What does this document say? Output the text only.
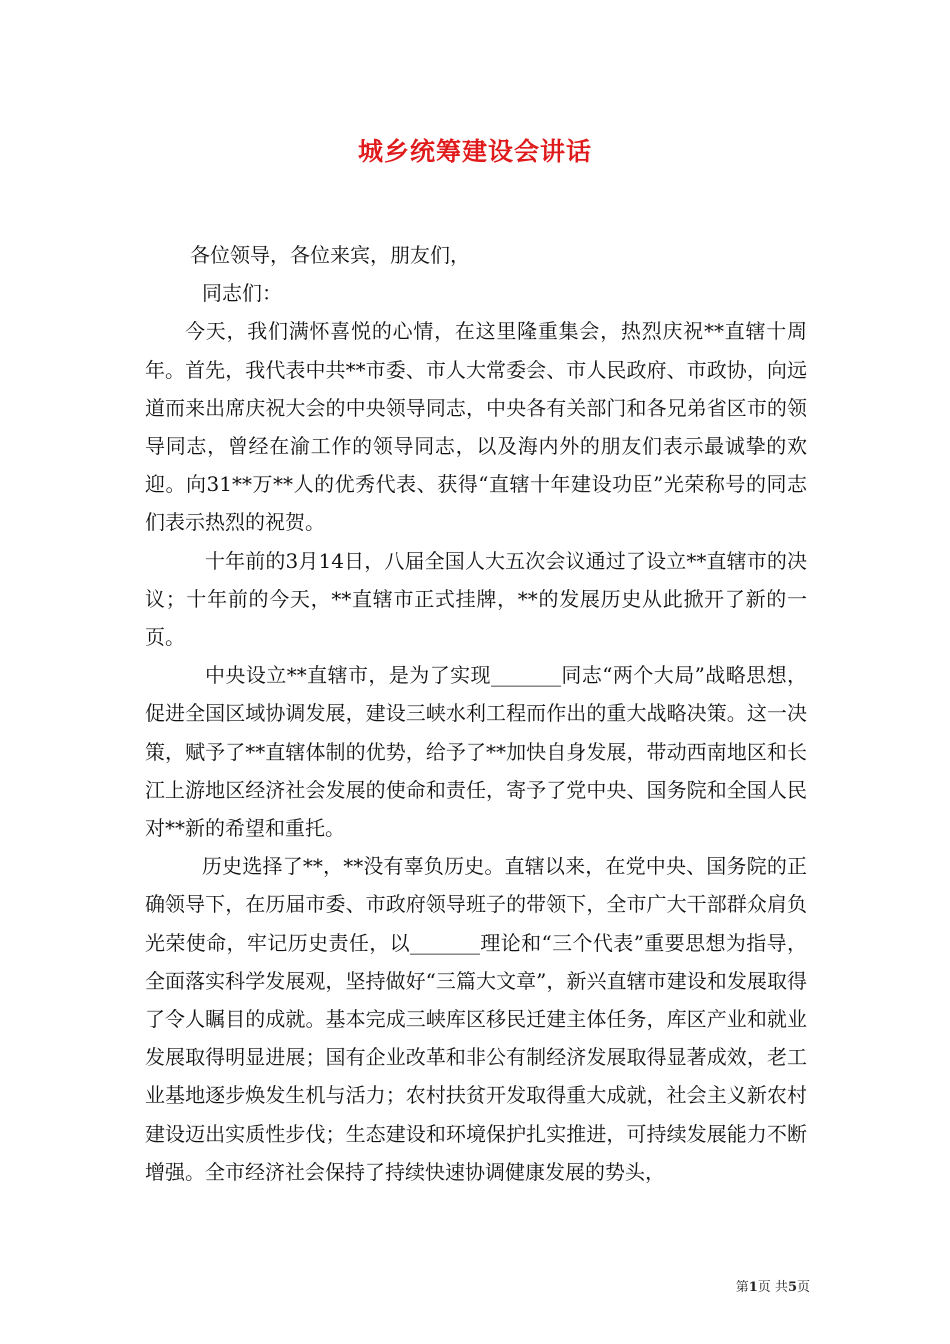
城乡统筹建设会讲话

各位领导，各位来宾，朋友们，

同志们：

今天，我们满怀喜悦的心情，在这里隆重集会，热烈庆祝**直辖十周年。首先，我代表中共**市委、市人大常委会、市人民政府、市政协，向远道而来出席庆祝大会的中央领导同志，中央各有关部门和各兄弟省区市的领导同志，曾经在渝工作的领导同志，以及海内外的朋友们表示最诚挚的欢迎。向31**万**人的优秀代表、获得“直辖十年建设功臣”光荣称号的同志们表示热烈的祝贺。

十年前的3月14日，八届全国人大五次会议通过了设立**直辖市的决议；十年前的今天，**直辖市正式挂牌，**的发展历史从此掀开了新的一页。

中央设立**直辖市，是为了实现_______同志“两个大局”战略思想，促进全国区域协调发展，建设三峡水利工程而作出的重大战略决策。这一决策，赋予了**直辖体制的优势，给予了**加快自身发展，带动西南地区和长江上游地区经济社会发展的使命和责任，寄予了党中央、国务院和全国人民对**新的希望和重托。

历史选择了**，**没有辜负历史。直辖以来，在党中央、国务院的正确领导下，在历届市委、市政府领导班子的带领下，全市广大干部群众肩负光荣使命，牢记历史责任，以_______理论和“三个代表”重要思想为指导，全面落实科学发展观，坚持做好“三篇大文章”，新兴直辖市建设和发展取得了令人瞩目的成就。基本完成三峡库区移民迁建主体任务，库区产业和就业发展取得明显进展；国有企业改革和非公有制经济发展取得显著成效，老工业基地逐步焕发生机与活力；农村扶贫开发取得重大成就，社会主义新农村建设迈出实质性步伐；生态建设和环境保护扎实推进，可持续发展能力不断增强。全市经济社会保持了持续快速协调健康发展的势头，

第1页 共5页
